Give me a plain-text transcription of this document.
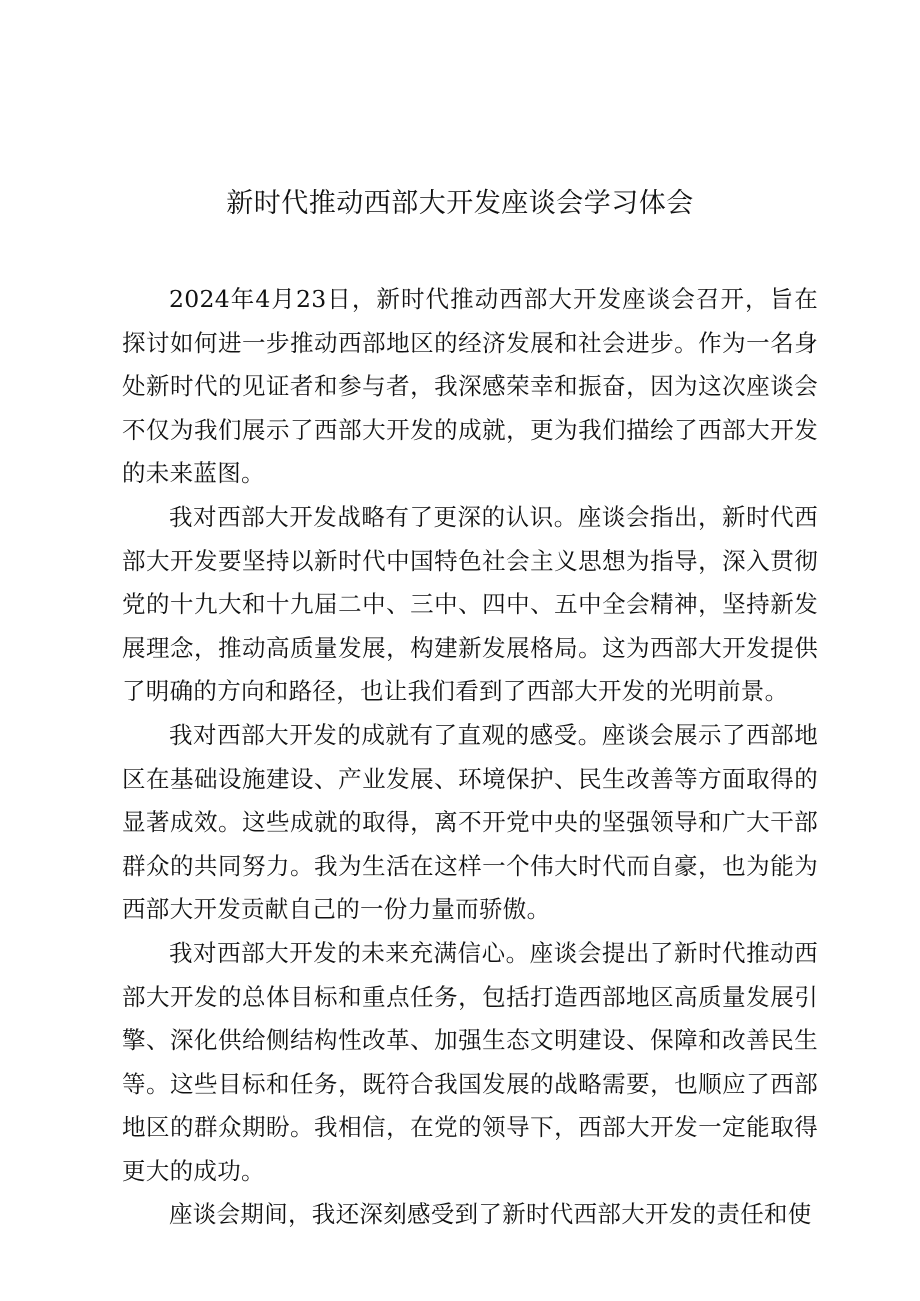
新时代推动西部大开发座谈会学习体会

2024年4月23日，新时代推动西部大开发座谈会召开，旨在探讨如何进一步推动西部地区的经济发展和社会进步。作为一名身处新时代的见证者和参与者，我深感荣幸和振奋，因为这次座谈会不仅为我们展示了西部大开发的成就，更为我们描绘了西部大开发的未来蓝图。

我对西部大开发战略有了更深的认识。座谈会指出，新时代西部大开发要坚持以新时代中国特色社会主义思想为指导，深入贯彻党的十九大和十九届二中、三中、四中、五中全会精神，坚持新发展理念，推动高质量发展，构建新发展格局。这为西部大开发提供了明确的方向和路径，也让我们看到了西部大开发的光明前景。

我对西部大开发的成就有了直观的感受。座谈会展示了西部地区在基础设施建设、产业发展、环境保护、民生改善等方面取得的显著成效。这些成就的取得，离不开党中央的坚强领导和广大干部群众的共同努力。我为生活在这样一个伟大时代而自豪，也为能为西部大开发贡献自己的一份力量而骄傲。

我对西部大开发的未来充满信心。座谈会提出了新时代推动西部大开发的总体目标和重点任务，包括打造西部地区高质量发展引擎、深化供给侧结构性改革、加强生态文明建设、保障和改善民生等。这些目标和任务，既符合我国发展的战略需要，也顺应了西部地区的群众期盼。我相信，在党的领导下，西部大开发一定能取得更大的成功。

座谈会期间，我还深刻感受到了新时代西部大开发的责任和使
